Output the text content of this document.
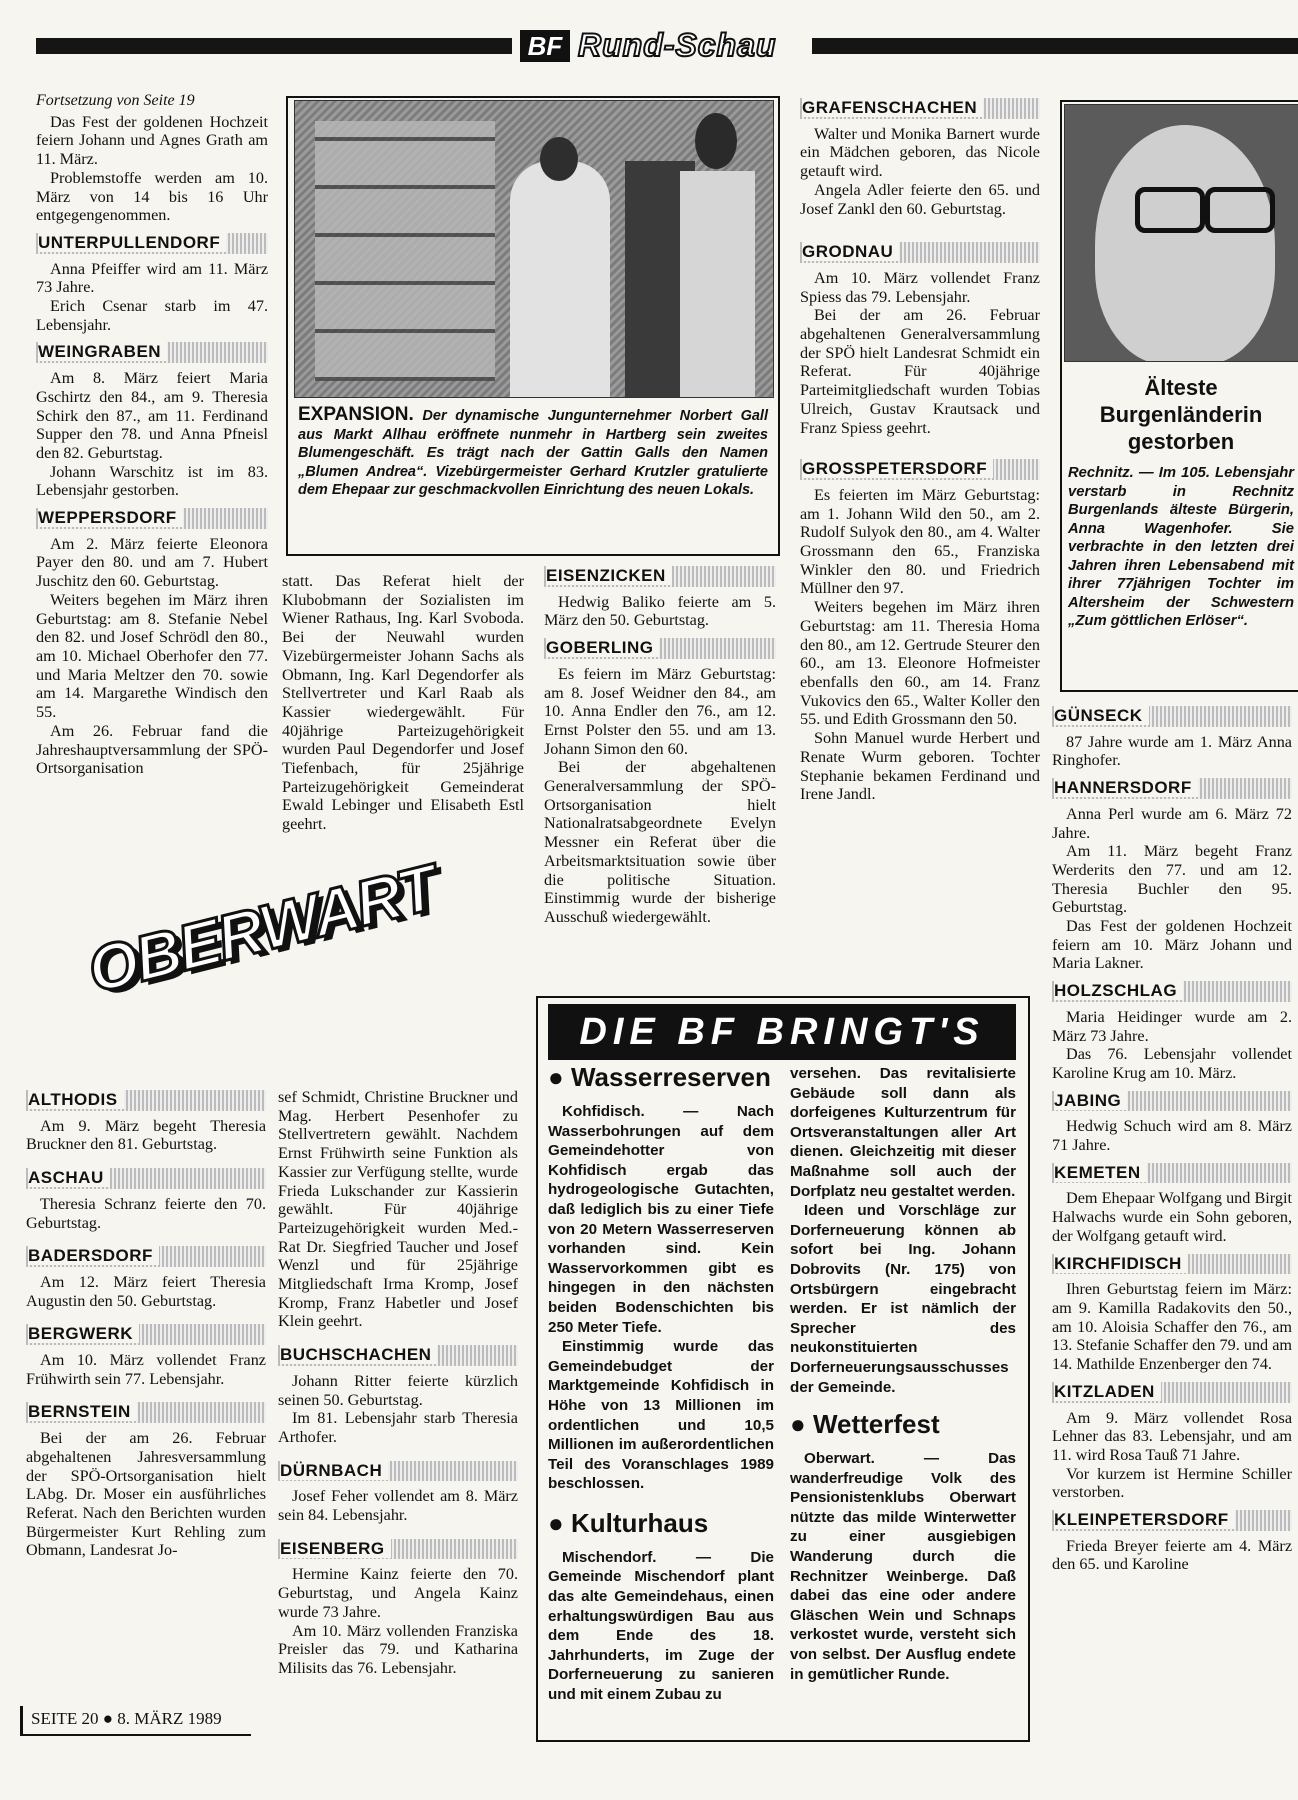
BF Rund-Schau
Fortsetzung von Seite 19

Das Fest der goldenen Hochzeit feiern Johann und Agnes Grath am 11. März.

Problemstoffe werden am 10. März von 14 bis 16 Uhr entgegengenommen.

UNTERPULLENDORF

Anna Pfeiffer wird am 11. März 73 Jahre.

Erich Csenar starb im 47. Lebensjahr.

WEINGRABEN

Am 8. März feiert Maria Gschirtz den 84., am 9. Theresia Schirk den 87., am 11. Ferdinand Supper den 78. und Anna Pfneisl den 82. Geburtstag.

Johann Warschitz ist im 83. Lebensjahr gestorben.

WEPPERSDORF

Am 2. März feierte Eleonora Payer den 80. und am 7. Hubert Juschitz den 60. Geburtstag.

Weiters begehen im März ihren Geburtstag: am 8. Stefanie Nebel den 82. und Josef Schrödl den 80., am 10. Michael Oberhofer den 77. und Maria Meltzer den 70. sowie am 14. Margarethe Windisch den 55.

Am 26. Februar fand die Jahreshauptversammlung der SPÖ-Ortsorganisation

EXPANSION. Der dynamische Jungunternehmer Norbert Gall aus Markt Allhau eröffnete nunmehr in Hartberg sein zweites Blumengeschäft. Es trägt nach der Gattin Galls den Namen „Blumen Andrea“. Vizebürgermeister Gerhard Krutzler gratulierte dem Ehepaar zur geschmackvollen Einrichtung des neuen Lokals.

statt. Das Referat hielt der Klubobmann der Sozialisten im Wiener Rathaus, Ing. Karl Svoboda. Bei der Neuwahl wurden Vizebürgermeister Johann Sachs als Obmann, Ing. Karl Degendorfer als Stellvertreter und Karl Raab als Kassier wiedergewählt. Für 40jährige Parteizugehörigkeit wurden Paul Degendorfer und Josef Tiefenbach, für 25jährige Parteizugehörigkeit Gemeinderat Ewald Lebinger und Elisabeth Estl geehrt.

EISENZICKEN

Hedwig Baliko feierte am 5. März den 50. Geburtstag.

GOBERLING

Es feiern im März Geburtstag: am 8. Josef Weidner den 84., am 10. Anna Endler den 76., am 12. Ernst Polster den 55. und am 13. Johann Simon den 60.

Bei der abgehaltenen Generalversammlung der SPÖ-Ortsorganisation hielt Nationalratsabgeordnete Evelyn Messner ein Referat über die Arbeitsmarktsituation sowie über die politische Situation. Einstimmig wurde der bisherige Ausschuß wiedergewählt.

GRAFENSCHACHEN

Walter und Monika Barnert wurde ein Mädchen geboren, das Nicole getauft wird.

Angela Adler feierte den 65. und Josef Zankl den 60. Geburtstag.

GRODNAU

Am 10. März vollendet Franz Spiess das 79. Lebensjahr.

Bei der am 26. Februar abgehaltenen Generalversammlung der SPÖ hielt Landesrat Schmidt ein Referat. Für 40jährige Parteimitgliedschaft wurden Tobias Ulreich, Gustav Krautsack und Franz Spiess geehrt.

GROSSPETERSDORF

Es feierten im März Geburtstag: am 1. Johann Wild den 50., am 2. Rudolf Sulyok den 80., am 4. Walter Grossmann den 65., Franziska Winkler den 80. und Friedrich Müllner den 97.

Weiters begehen im März ihren Geburtstag: am 11. Theresia Homa den 80., am 12. Gertrude Steurer den 60., am 13. Eleonore Hofmeister ebenfalls den 60., am 14. Franz Vukovics den 65., Walter Koller den 55. und Edith Grossmann den 50.

Sohn Manuel wurde Herbert und Renate Wurm geboren. Tochter Stephanie bekamen Ferdinand und Irene Jandl.

Älteste Burgenländerin gestorben
Rechnitz. — Im 105. Lebensjahr verstarb in Rechnitz Burgenlands älteste Bürgerin, Anna Wagenhofer. Sie verbrachte in den letzten drei Jahren ihren Lebensabend mit ihrer 77jährigen Tochter im Altersheim der Schwestern „Zum göttlichen Erlöser“.
GÜNSECK

87 Jahre wurde am 1. März Anna Ringhofer.

HANNERSDORF

Anna Perl wurde am 6. März 72 Jahre.

Am 11. März begeht Franz Werderits den 77. und am 12. Theresia Buchler den 95. Geburtstag.

Das Fest der goldenen Hochzeit feiern am 10. März Johann und Maria Lakner.

HOLZSCHLAG

Maria Heidinger wurde am 2. März 73 Jahre.

Das 76. Lebensjahr vollendet Karoline Krug am 10. März.

JABING

Hedwig Schuch wird am 8. März 71 Jahre.

KEMETEN

Dem Ehepaar Wolfgang und Birgit Halwachs wurde ein Sohn geboren, der Wolfgang getauft wird.

KIRCHFIDISCH

Ihren Geburtstag feiern im März: am 9. Kamilla Radakovits den 50., am 10. Aloisia Schaffer den 76., am 13. Stefanie Schaffer den 79. und am 14. Mathilde Enzenberger den 74.

KITZLADEN

Am 9. März vollendet Rosa Lehner das 83. Lebensjahr, und am 11. wird Rosa Tauß 71 Jahre.

Vor kurzem ist Hermine Schiller verstorben.

KLEINPETERSDORF

Frieda Breyer feierte am 4. März den 65. und Karoline

OBERWART
ALTHODIS

Am 9. März begeht Theresia Bruckner den 81. Geburtstag.

ASCHAU

Theresia Schranz feierte den 70. Geburtstag.

BADERSDORF

Am 12. März feiert Theresia Augustin den 50. Geburtstag.

BERGWERK

Am 10. März vollendet Franz Frühwirth sein 77. Lebensjahr.

BERNSTEIN

Bei der am 26. Februar abgehaltenen Jahresversammlung der SPÖ-Ortsorganisation hielt LAbg. Dr. Moser ein ausführliches Referat. Nach den Berichten wurden Bürgermeister Kurt Rehling zum Obmann, Landesrat Jo-

sef Schmidt, Christine Bruckner und Mag. Herbert Pesenhofer zu Stellvertretern gewählt. Nachdem Ernst Frühwirth seine Funktion als Kassier zur Verfügung stellte, wurde Frieda Lukschander zur Kassierin gewählt. Für 40jährige Parteizugehörigkeit wurden Med.-Rat Dr. Siegfried Taucher und Josef Wenzl und für 25jährige Mitgliedschaft Irma Kromp, Josef Kromp, Franz Habetler und Josef Klein geehrt.

BUCHSCHACHEN

Johann Ritter feierte kürzlich seinen 50. Geburtstag.

Im 81. Lebensjahr starb Theresia Arthofer.

DÜRNBACH

Josef Feher vollendet am 8. März sein 84. Lebensjahr.

EISENBERG

Hermine Kainz feierte den 70. Geburtstag, und Angela Kainz wurde 73 Jahre.

Am 10. März vollenden Franziska Preisler das 79. und Katharina Milisits das 76. Lebensjahr.

DIE BF BRINGT'S
● Wasserreserven

Kohfidisch. — Nach Wasserbohrungen auf dem Gemeindehotter von Kohfidisch ergab das hydrogeologische Gutachten, daß lediglich bis zu einer Tiefe von 20 Metern Wasserreserven vorhanden sind. Kein Wasservorkommen gibt es hingegen in den nächsten beiden Bodenschichten bis 250 Meter Tiefe.

Einstimmig wurde das Gemeindebudget der Marktgemeinde Kohfidisch in Höhe von 13 Millionen im ordentlichen und 10,5 Millionen im außerordentlichen Teil des Voranschlages 1989 beschlossen.

● Kulturhaus

Mischendorf. — Die Gemeinde Mischendorf plant das alte Gemeindehaus, einen erhaltungswürdigen Bau aus dem Ende des 18. Jahrhunderts, im Zuge der Dorferneuerung zu sanieren und mit einem Zubau zu

versehen. Das revitalisierte Gebäude soll dann als dorfeigenes Kulturzentrum für Ortsveranstaltungen aller Art dienen. Gleichzeitig mit dieser Maßnahme soll auch der Dorfplatz neu gestaltet werden.

Ideen und Vorschläge zur Dorferneuerung können ab sofort bei Ing. Johann Dobrovits (Nr. 175) von Ortsbürgern eingebracht werden. Er ist nämlich der Sprecher des neukonstituierten Dorferneuerungsausschusses der Gemeinde.

● Wetterfest

Oberwart. — Das wanderfreudige Volk des Pensionistenklubs Oberwart nützte das milde Winterwetter zu einer ausgiebigen Wanderung durch die Rechnitzer Weinberge. Daß dabei das eine oder andere Gläschen Wein und Schnaps verkostet wurde, versteht sich von selbst. Der Ausflug endete in gemütlicher Runde.

SEITE 20 ● 8. MÄRZ 1989
